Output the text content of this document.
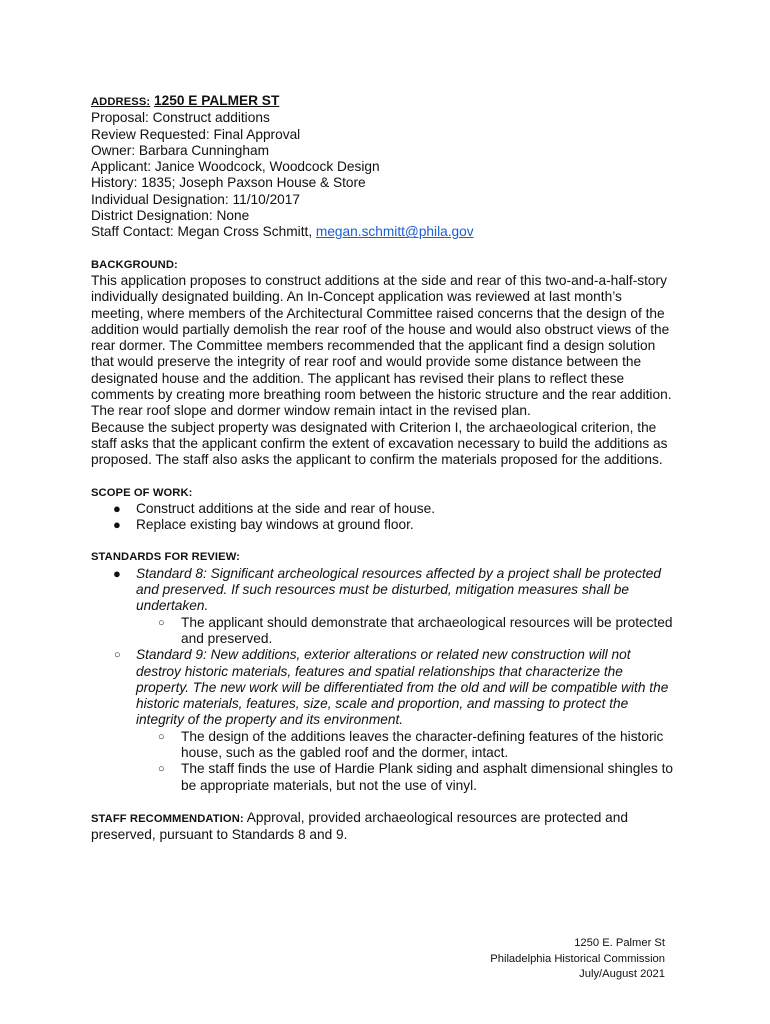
ADDRESS: 1250 E PALMER ST
Proposal: Construct additions
Review Requested: Final Approval
Owner: Barbara Cunningham
Applicant: Janice Woodcock, Woodcock Design
History: 1835; Joseph Paxson House & Store
Individual Designation: 11/10/2017
District Designation: None
Staff Contact: Megan Cross Schmitt, megan.schmitt@phila.gov
BACKGROUND:
This application proposes to construct additions at the side and rear of this two-and-a-half-story
individually designated building. An In-Concept application was reviewed at last month’s
meeting, where members of the Architectural Committee raised concerns that the design of the
addition would partially demolish the rear roof of the house and would also obstruct views of the
rear dormer. The Committee members recommended that the applicant find a design solution
that would preserve the integrity of rear roof and would provide some distance between the
designated house and the addition. The applicant has revised their plans to reflect these
comments by creating more breathing room between the historic structure and the rear addition.
The rear roof slope and dormer window remain intact in the revised plan.
Because the subject property was designated with Criterion I, the archaeological criterion, the
staff asks that the applicant confirm the extent of excavation necessary to build the additions as
proposed. The staff also asks the applicant to confirm the materials proposed for the additions.
SCOPE OF WORK:
● Construct additions at the side and rear of house.
● Replace existing bay windows at ground floor.
STANDARDS FOR REVIEW:
● Standard 8: Significant archeological resources affected by a project shall be protected
and preserved. If such resources must be disturbed, mitigation measures shall be
undertaken.
○ The applicant should demonstrate that archaeological resources will be protected
and preserved.
○ Standard 9: New additions, exterior alterations or related new construction will not
destroy historic materials, features and spatial relationships that characterize the
property. The new work will be differentiated from the old and will be compatible with the
historic materials, features, size, scale and proportion, and massing to protect the
integrity of the property and its environment.
○ The design of the additions leaves the character-defining features of the historic
house, such as the gabled roof and the dormer, intact.
○ The staff finds the use of Hardie Plank siding and asphalt dimensional shingles to
be appropriate materials, but not the use of vinyl.
STAFF RECOMMENDATION: Approval, provided archaeological resources are protected and
preserved, pursuant to Standards 8 and 9.
1250 E. Palmer St
Philadelphia Historical Commission
July/August 2021
